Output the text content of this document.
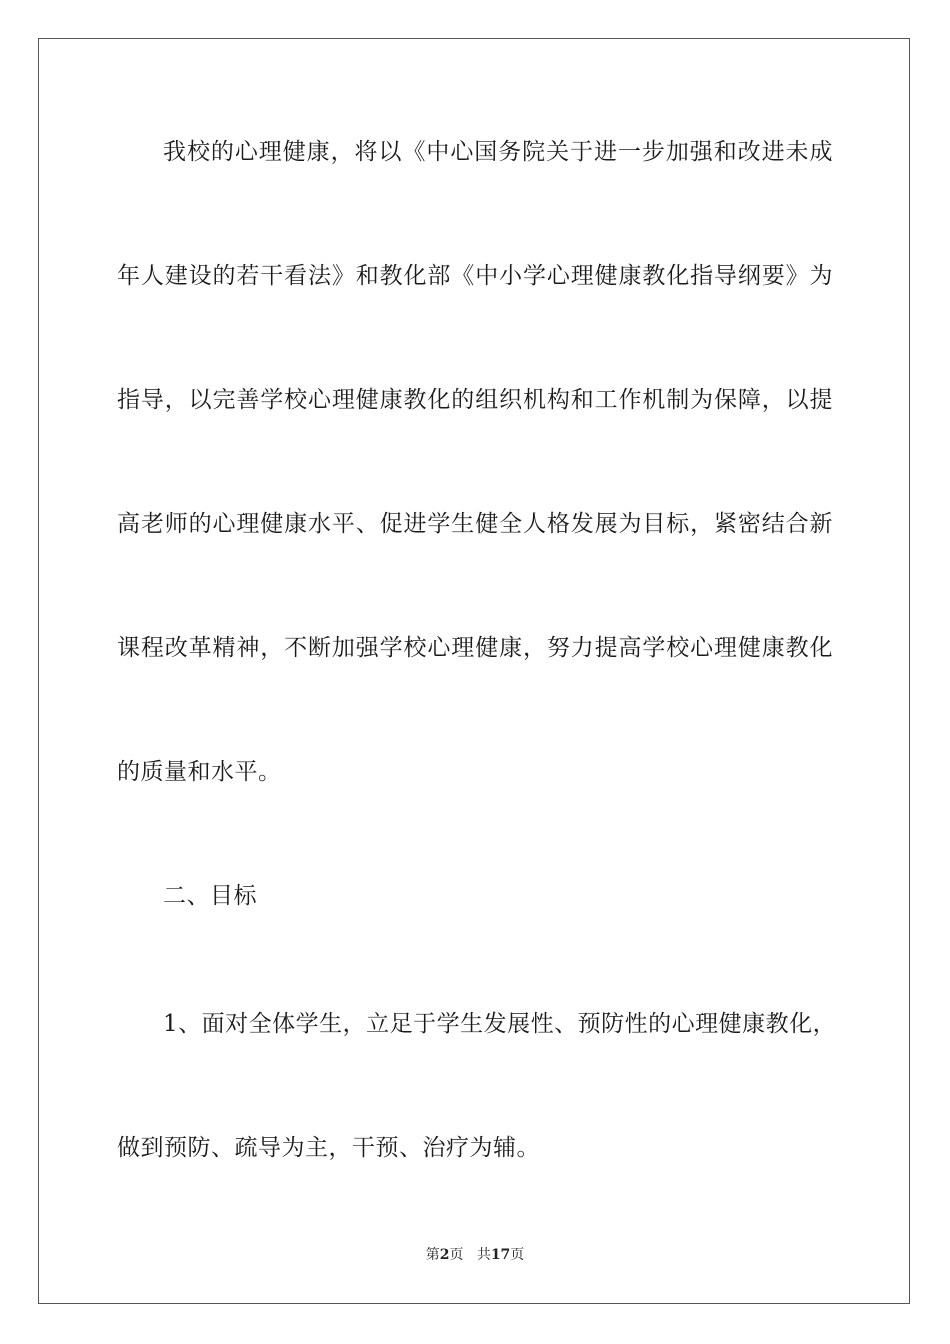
我校的心理健康，将以《中心国务院关于进一步加强和改进未成
年人建设的若干看法》和教化部《中小学心理健康教化指导纲要》为
指导，以完善学校心理健康教化的组织机构和工作机制为保障，以提
高老师的心理健康水平、促进学生健全人格发展为目标，紧密结合新
课程改革精神，不断加强学校心理健康，努力提高学校心理健康教化
的质量和水平。
二、目标
1、面对全体学生，立足于学生发展性、预防性的心理健康教化，
做到预防、疏导为主，干预、治疗为辅。
第2页 共17页
